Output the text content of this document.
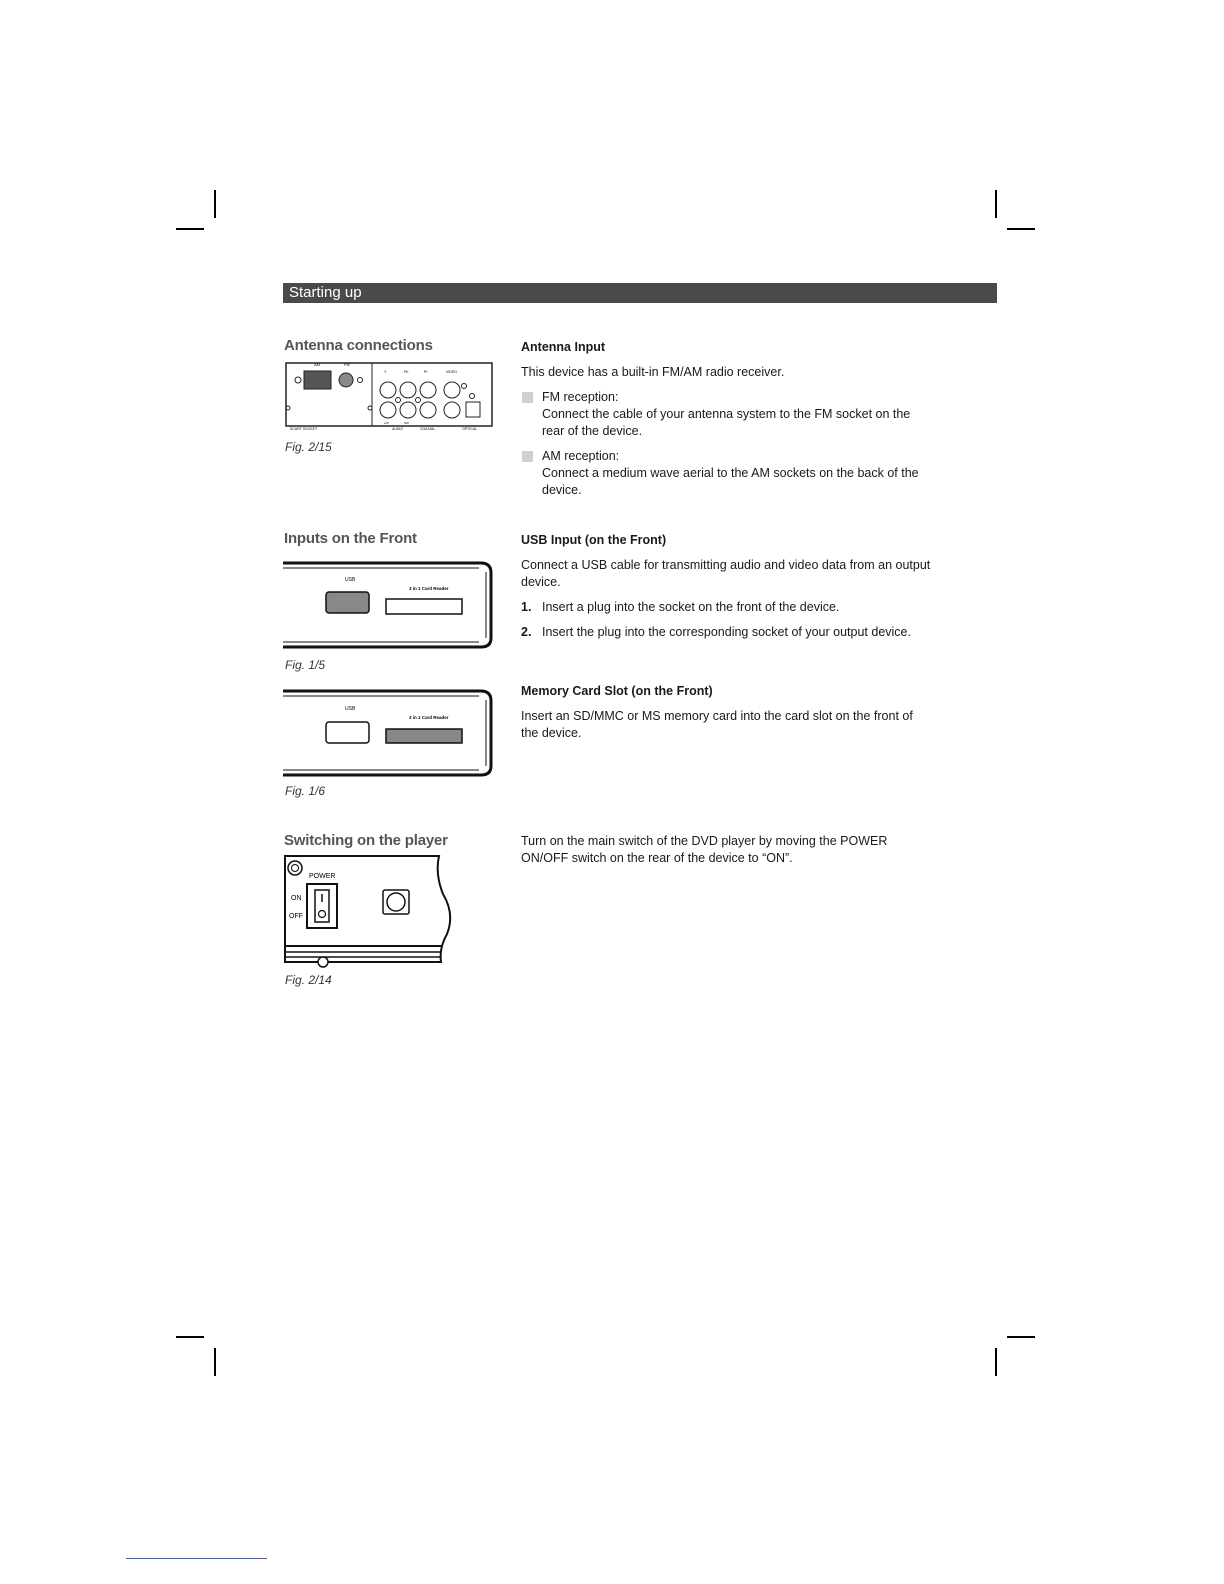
Starting up
Antenna connections
AM	FM
Y	Pb	Pr	VIDEO
SCART SOCKET
L/R	SW
AUDIO	COAXIAL	OPTICAL
Fig. 2/15
Antenna Input
This device has a built-in FM/AM radio receiver.
FM reception:
Connect the cable of your antenna system to the FM socket on the rear of the device.
AM reception:
Connect a medium wave aerial to the AM sockets on the back of the device.
Inputs on the Front
USB
3 in 1 Card Reader
Fig. 1/5
USB
3 in 1 Card Reader
Fig. 1/6
USB Input (on the Front)
Connect a USB cable for transmitting audio and video data from an output device.
1. Insert a plug into the socket on the front of the device.
2. Insert the plug into the corresponding socket of your output device.
Memory Card Slot (on the Front)
Insert an SD/MMC or MS memory card into the card slot on the front of the device.
Switching on the player
POWER
ON
OFF
Fig. 2/14
Turn on the main switch of the DVD player by moving the POWER ON/OFF switch on the rear of the device to “ON”.
